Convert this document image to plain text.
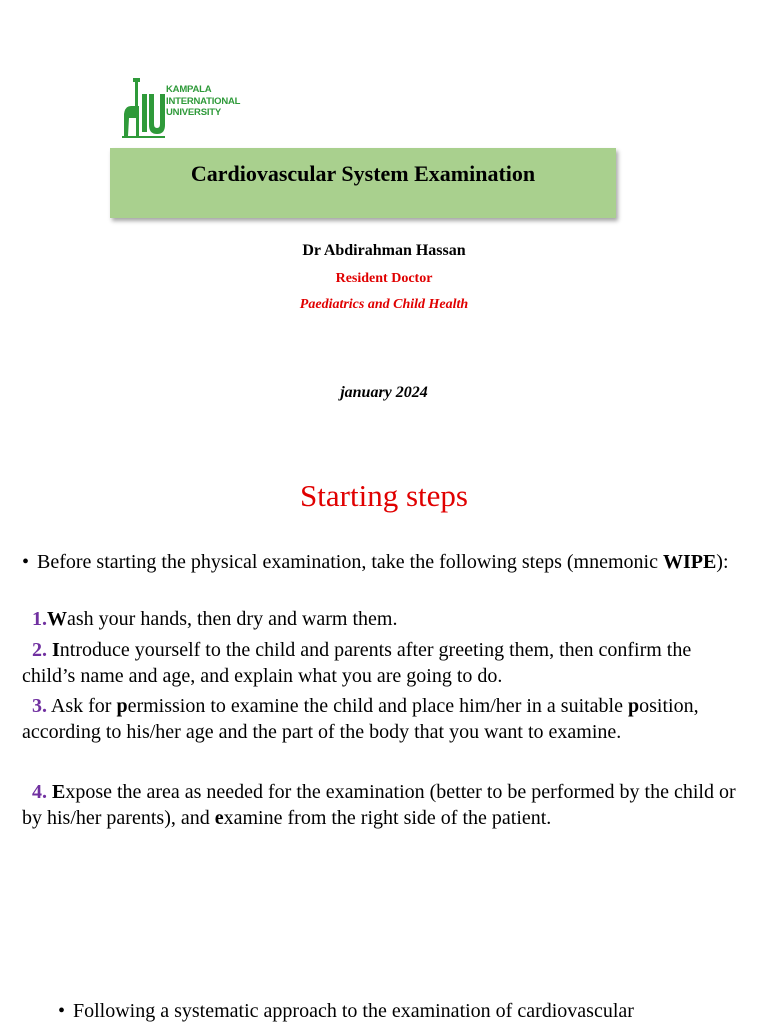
KAMPALA
INTERNATIONAL
UNIVERSITY
Cardiovascular System Examination
Dr Abdirahman Hassan
Resident Doctor
Paediatrics and Child Health
january 2024
Starting steps
• Before starting the physical examination, take the following steps (mnemonic WIPE):
1.Wash your hands, then dry and warm them.
2. Introduce yourself to the child and parents after greeting them, then confirm the child’s name and age, and explain what you are going to do.
3. Ask for permission to examine the child and place him/her in a suitable position, according to his/her age and the part of the body that you want to examine.
4. Expose the area as needed for the examination (better to be performed by the child or by his/her parents), and examine from the right side of the patient.
• Following a systematic approach to the examination of cardiovascular
